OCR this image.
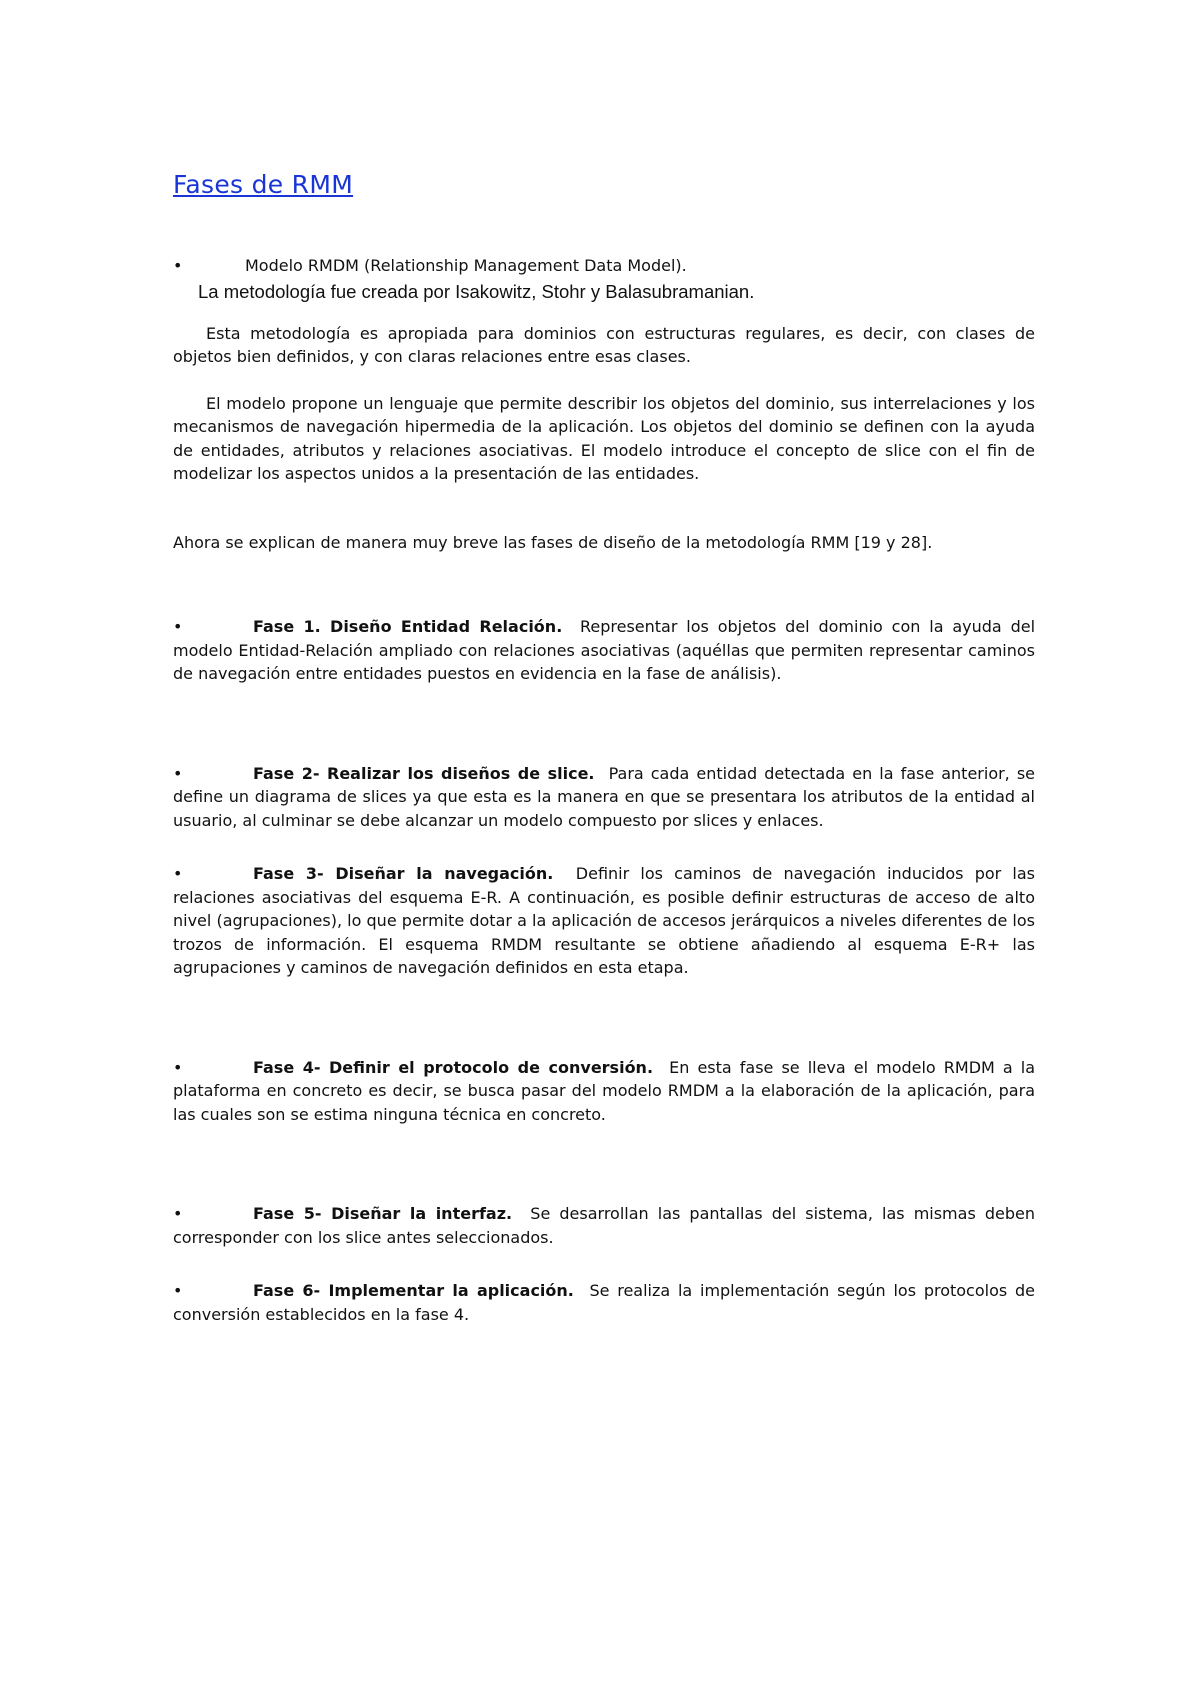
Fases de RMM
•	Modelo RMDM (Relationship Management Data Model).

La metodología fue creada por Isakowitz, Stohr y Balasubramanian.

Esta metodología es apropiada para dominios con estructuras regulares, es decir, con clases de objetos bien definidos, y con claras relaciones entre esas clases.

El modelo propone un lenguaje que permite describir los objetos del dominio, sus interrelaciones y los mecanismos de navegación hipermedia de la aplicación. Los objetos del dominio se definen con la ayuda de entidades, atributos y relaciones asociativas. El modelo introduce el concepto de slice con el fin de modelizar los aspectos unidos a la presentación de las entidades.

Ahora se explican de manera muy breve las fases de diseño de la metodología RMM [19 y 28].

•	Fase 1. Diseño Entidad Relación. Representar los objetos del dominio con la ayuda del modelo Entidad-Relación ampliado con relaciones asociativas (aquéllas que permiten representar caminos de navegación entre entidades puestos en evidencia en la fase de análisis).

•	Fase 2- Realizar los diseños de slice. Para cada entidad detectada en la fase anterior, se define un diagrama de slices ya que esta es la manera en que se presentara los atributos de la entidad al usuario, al culminar se debe alcanzar un modelo compuesto por slices y enlaces.

•	Fase 3- Diseñar la navegación. Definir los caminos de navegación inducidos por las relaciones asociativas del esquema E-R. A continuación, es posible definir estructuras de acceso de alto nivel (agrupaciones), lo que permite dotar a la aplicación de accesos jerárquicos a niveles diferentes de los trozos de información. El esquema RMDM resultante se obtiene añadiendo al esquema E-R+ las agrupaciones y caminos de navegación definidos en esta etapa.

•	Fase 4- Definir el protocolo de conversión. En esta fase se lleva el modelo RMDM a la plataforma en concreto es decir, se busca pasar del modelo RMDM a la elaboración de la aplicación, para las cuales son se estima ninguna técnica en concreto.

•	Fase 5- Diseñar la interfaz. Se desarrollan las pantallas del sistema, las mismas deben corresponder con los slice antes seleccionados.

•	Fase 6- Implementar la aplicación. Se realiza la implementación según los protocolos de conversión establecidos en la fase 4.
